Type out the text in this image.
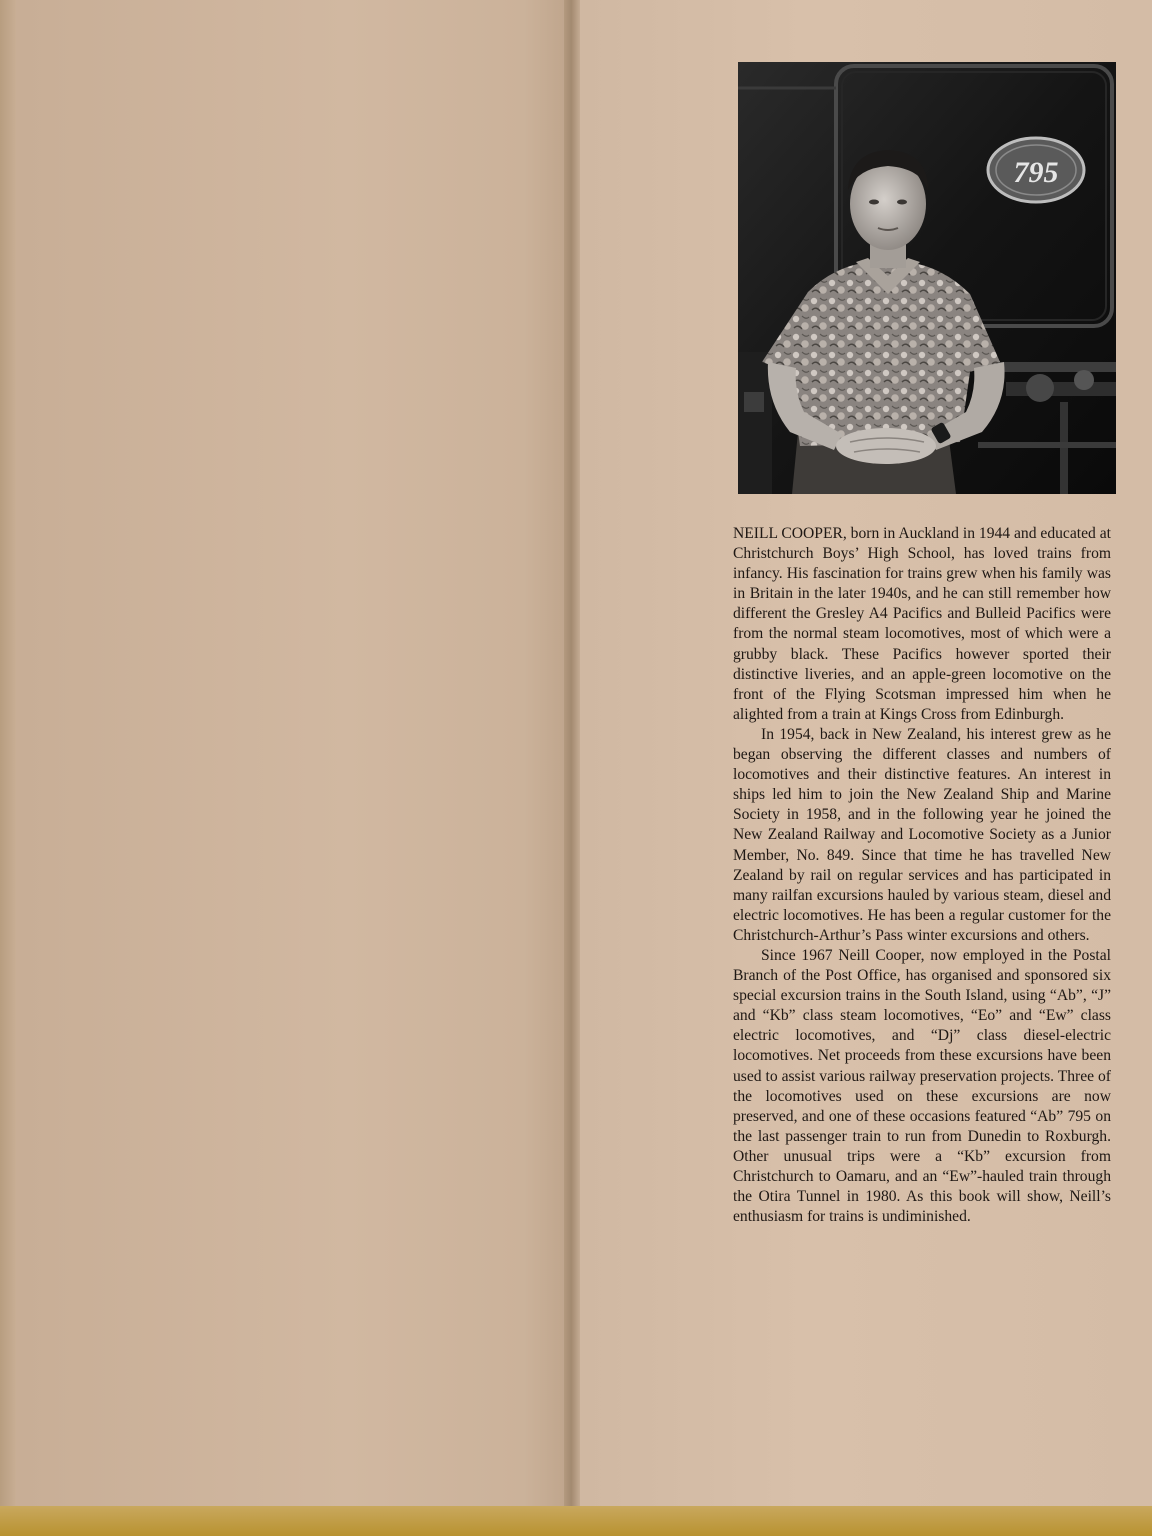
795

NEILL COOPER, born in Auckland in 1944 and educated at Christchurch Boys’ High School, has loved trains from infancy. His fascination for trains grew when his family was in Britain in the later 1940s, and he can still remember how different the Gresley A4 Pacifics and Bulleid Pacifics were from the normal steam locomotives, most of which were a grubby black. These Pacifics however sported their distinctive liveries, and an apple-green locomotive on the front of the Flying Scotsman impressed him when he alighted from a train at Kings Cross from Edinburgh.

In 1954, back in New Zealand, his interest grew as he began observing the different classes and numbers of locomotives and their distinctive features. An interest in ships led him to join the New Zealand Ship and Marine Society in 1958, and in the following year he joined the New Zealand Railway and Locomotive Society as a Junior Member, No. 849. Since that time he has travelled New Zealand by rail on regular services and has participated in many railfan excursions hauled by various steam, diesel and electric locomotives. He has been a regular customer for the Christchurch-Arthur’s Pass winter excursions and others.

Since 1967 Neill Cooper, now employed in the Postal Branch of the Post Office, has organised and sponsored six special excursion trains in the South Island, using “Ab”, “J” and “Kb” class steam locomotives, “Eo” and “Ew” class electric locomotives, and “Dj” class diesel-electric locomotives. Net proceeds from these excursions have been used to assist various railway preservation projects. Three of the locomotives used on these excursions are now preserved, and one of these occasions featured “Ab” 795 on the last passenger train to run from Dunedin to Roxburgh. Other unusual trips were a “Kb” excursion from Christchurch to Oamaru, and an “Ew”-hauled train through the Otira Tunnel in 1980. As this book will show, Neill’s enthusiasm for trains is undiminished.
